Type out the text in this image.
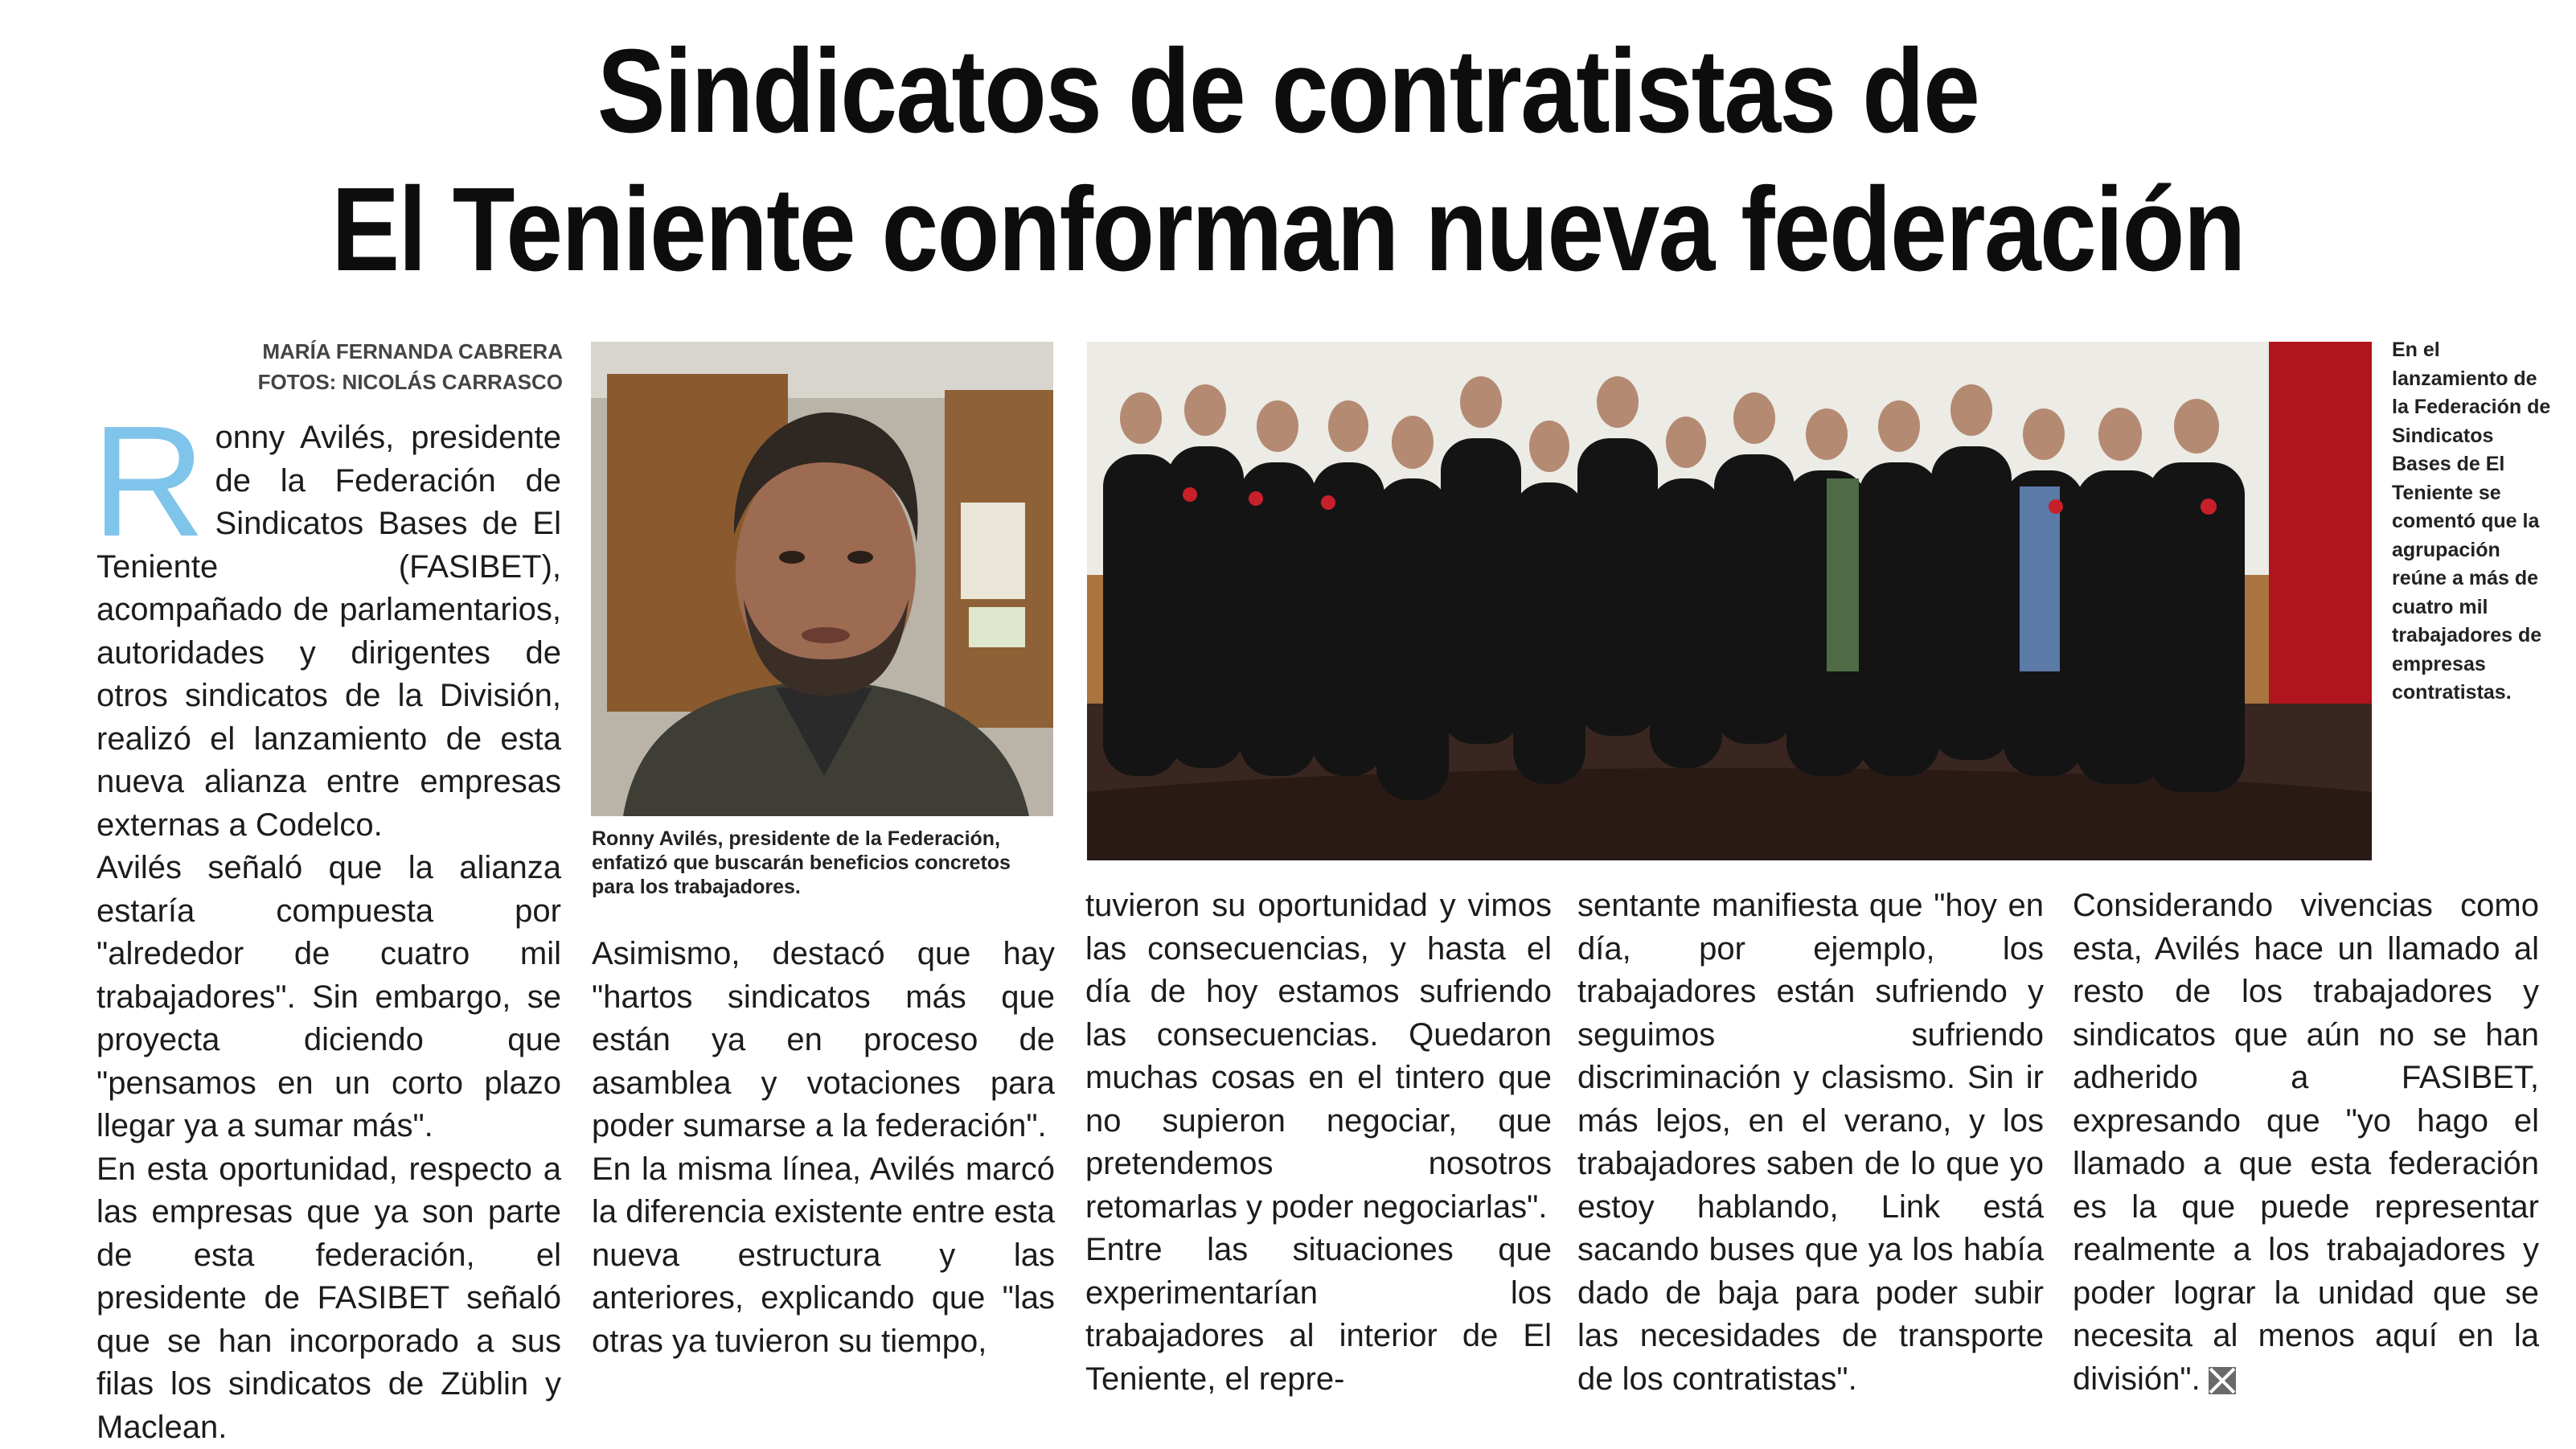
Sindicatos de contratistas de
El Teniente conforman nueva federación
MARÍA FERNANDA CABRERA
FOTOS: NICOLÁS CARRASCO

R onny Avilés, presidente de la Federación de Sindicatos Bases de El Teniente (FASIBET), acompañado de parlamentarios, autoridades y dirigentes de otros sindicatos de la División, realizó el lanzamiento de esta nueva alianza entre empresas externas a Codelco.

Avilés señaló que la alianza estaría compuesta por "alrededor de cuatro mil trabajadores". Sin embargo, se proyecta diciendo que "pensamos en un corto plazo llegar ya a sumar más".

En esta oportunidad, respecto a las empresas que ya son parte de esta federación, el presidente de FASIBET señaló que se han incorporado a sus filas los sindicatos de Züblin y Maclean.

Ronny Avilés, presidente de la Federación, enfatizó que buscarán beneficios concretos para los trabajadores.
En el lanzamiento de la Federación de Sindicatos Bases de El Teniente se comentó que la agrupación reúne a más de cuatro mil trabajadores de empresas contratistas.

Asimismo, destacó que hay "hartos sindicatos más que están ya en proceso de asamblea y votaciones para poder sumarse a la federación".

En la misma línea, Avilés marcó la diferencia existente entre esta nueva estructura y las anteriores, explicando que "las otras ya tuvieron su tiempo,

tuvieron su oportunidad y vimos las consecuencias, y hasta el día de hoy estamos sufriendo las consecuencias. Quedaron muchas cosas en el tintero que no supieron negociar, que pretendemos nosotros retomarlas y poder negociarlas".

Entre las situaciones que experimentarían los trabajadores al interior de El Teniente, el repre-

sentante manifiesta que "hoy en día, por ejemplo, los trabajadores están sufriendo y seguimos sufriendo discriminación y clasismo. Sin ir más lejos, en el verano, y los trabajadores saben de lo que yo estoy hablando, Link está sacando buses que ya los había dado de baja para poder subir las necesidades de transporte de los contratistas".

Considerando vivencias como esta, Avilés hace un llamado al resto de los trabajadores y sindicatos que aún no se han adherido a FASIBET, expresando que "yo hago el llamado a que esta federación es la que puede representar realmente a los trabajadores y poder lograr la unidad que se necesita al menos aquí en la división".
